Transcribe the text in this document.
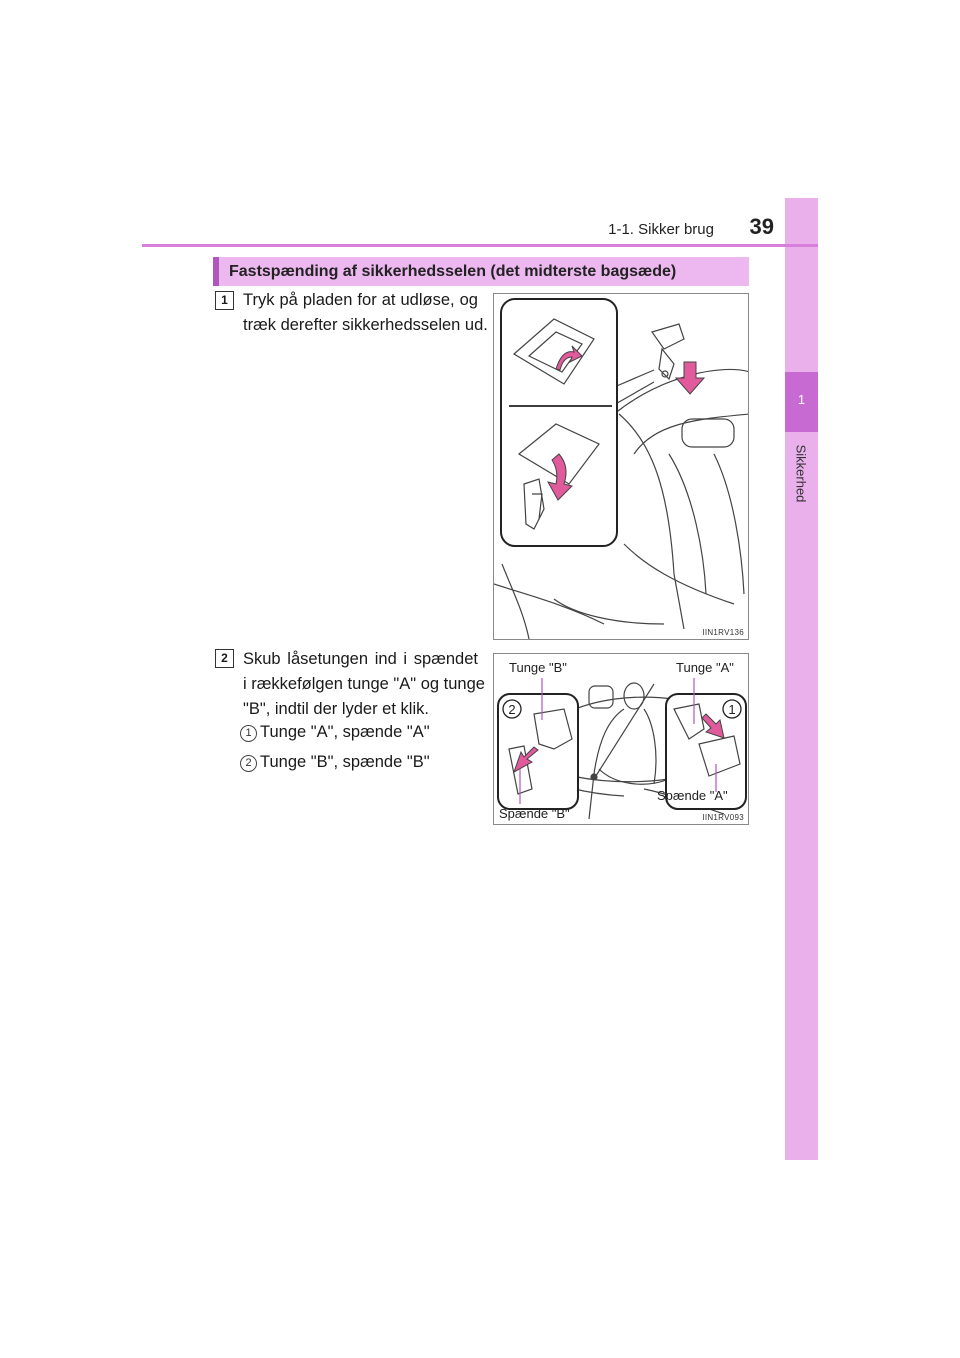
1
Sikkerhed
1-1. Sikker brug	39
Fastspænding af sikkerhedsselen (det midterste bagsæde)
1 Tryk på pladen for at udløse, og
træk derefter sikkerhedsselen ud.
IIN1RV136
2 Skub låsetungen ind i spændet
i rækkefølgen tunge "A" og tunge
"B", indtil der lyder et klik.
1 Tunge "A", spænde "A"
2 Tunge "B", spænde "B"
2	1
Tunge "B"	Tunge "A"
Spænde "B"
Spænde "A"
IIN1RV093
